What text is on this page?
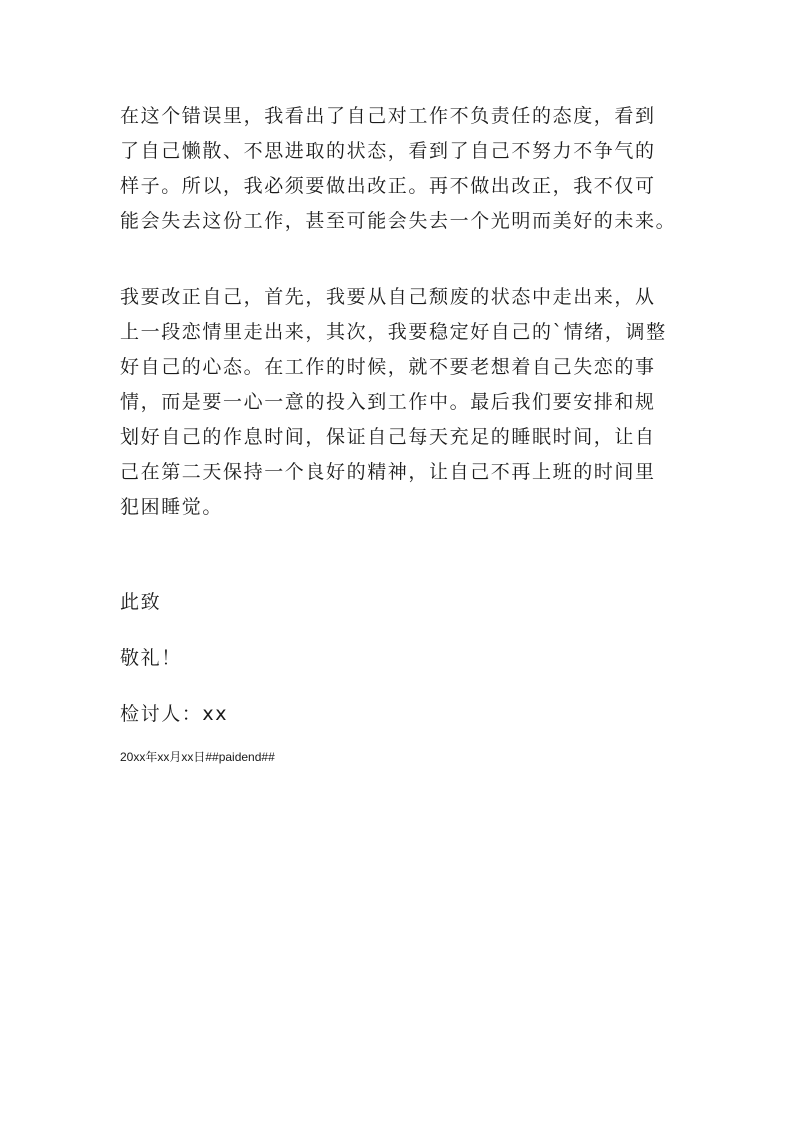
在这个错误里，我看出了自己对工作不负责任的态度，看到
了自己懒散、不思进取的状态，看到了自己不努力不争气的
样子。所以，我必须要做出改正。再不做出改正，我不仅可
能会失去这份工作，甚至可能会失去一个光明而美好的未来。

我要改正自己，首先，我要从自己颓废的状态中走出来，从
上一段恋情里走出来，其次，我要稳定好自己的`情绪，调整
好自己的心态。在工作的时候，就不要老想着自己失恋的事
情，而是要一心一意的投入到工作中。最后我们要安排和规
划好自己的作息时间，保证自己每天充足的睡眠时间，让自
己在第二天保持一个良好的精神，让自己不再上班的时间里
犯困睡觉。

此致

敬礼！

检讨人：xx

20xx年xx月xx日##paidend##
